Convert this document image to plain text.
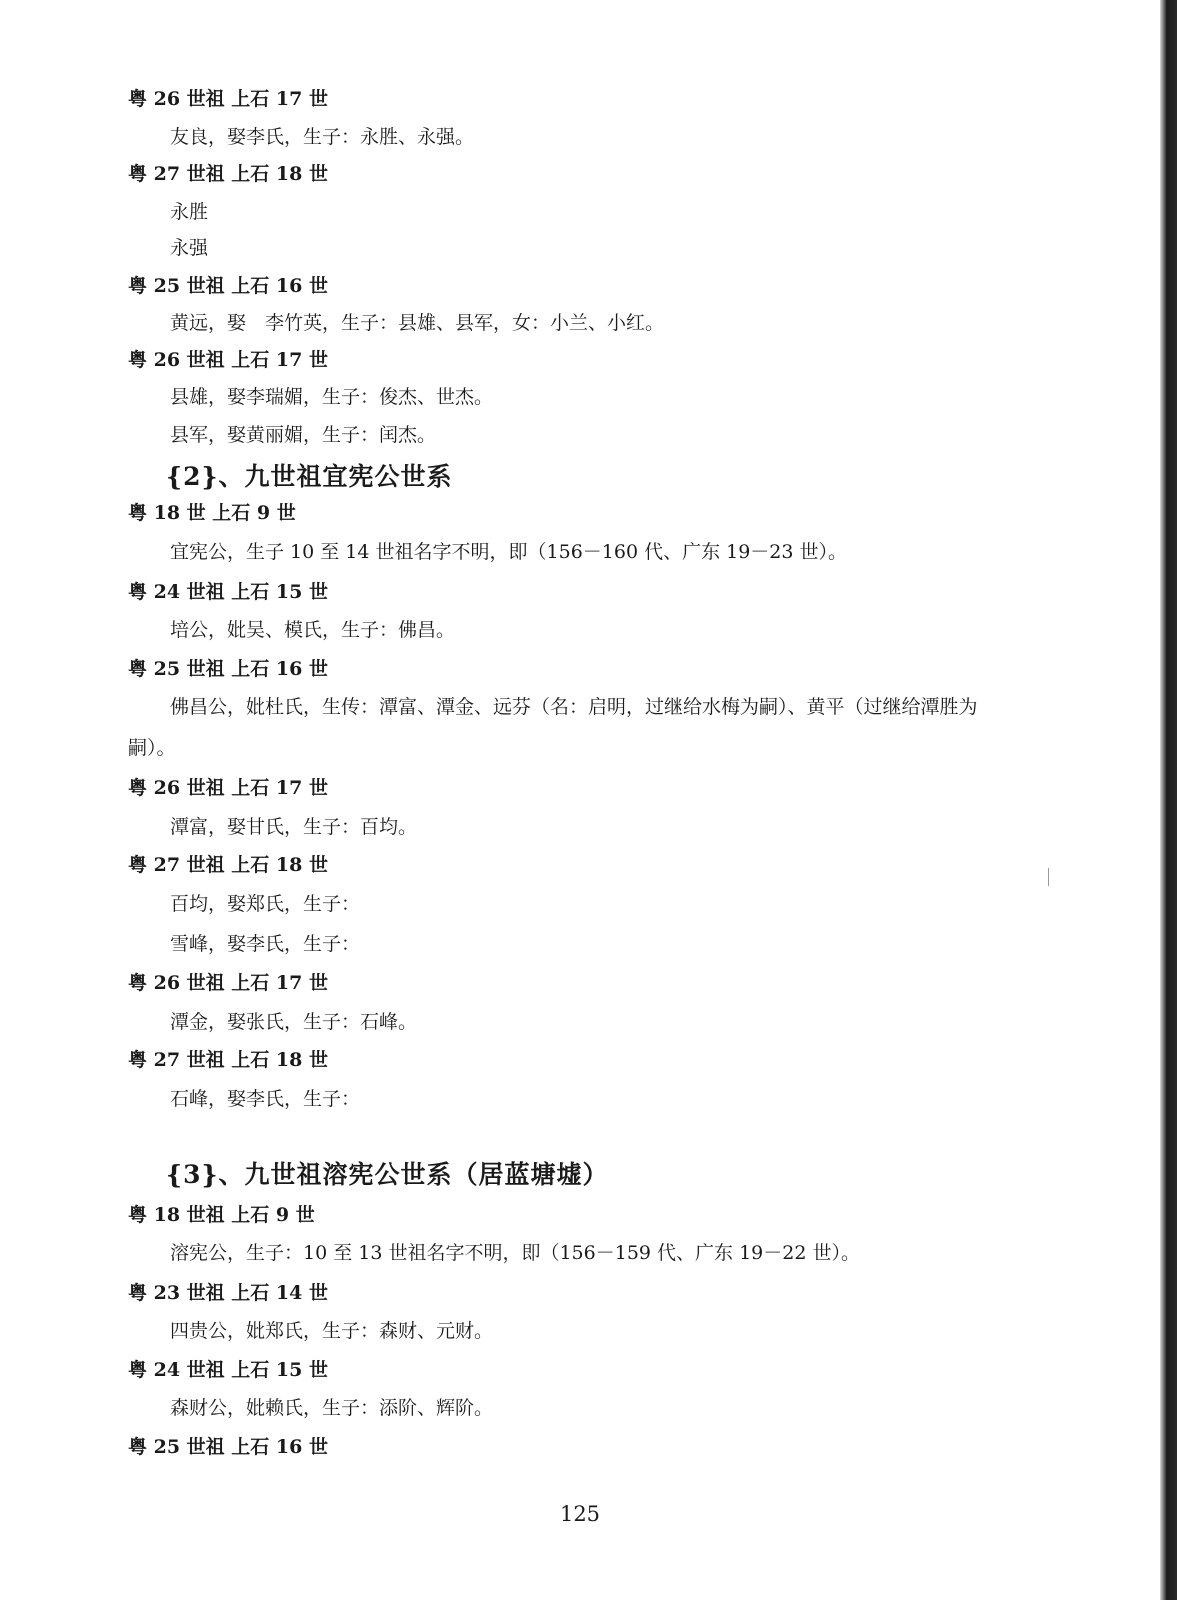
粤 26 世祖 上石 17 世
友良，娶李氏，生子：永胜、永强。
粤 27 世祖 上石 18 世
永胜
永强
粤 25 世祖 上石 16 世
黄远，娶　李竹英，生子：县雄、县军，女：小兰、小红。
粤 26 世祖 上石 17 世
县雄，娶李瑞媚，生子：俊杰、世杰。
县军，娶黄丽媚，生子：闰杰。
{2}、九世祖宜宪公世系
粤 18 世 上石 9 世
宜宪公，生子 10 至 14 世祖名字不明，即（156－160 代、广东 19－23 世）。
粤 24 世祖 上石 15 世
培公，妣吴、模氏，生子：佛昌。
粤 25 世祖 上石 16 世
佛昌公，妣杜氏，生传：潭富、潭金、远芬（名：启明，过继给水梅为嗣）、黄平（过继给潭胜为
嗣）。
粤 26 世祖 上石 17 世
潭富，娶甘氏，生子：百均。
粤 27 世祖 上石 18 世
百均，娶郑氏，生子：
雪峰，娶李氏，生子：
粤 26 世祖 上石 17 世
潭金，娶张氏，生子：石峰。
粤 27 世祖 上石 18 世
石峰，娶李氏，生子：
{3}、九世祖溶宪公世系（居蓝塘墟）
粤 18 世祖 上石 9 世
溶宪公，生子：10 至 13 世祖名字不明，即（156－159 代、广东 19－22 世）。
粤 23 世祖 上石 14 世
四贵公，妣郑氏，生子：森财、元财。
粤 24 世祖 上石 15 世
森财公，妣赖氏，生子：添阶、辉阶。
粤 25 世祖 上石 16 世
125
